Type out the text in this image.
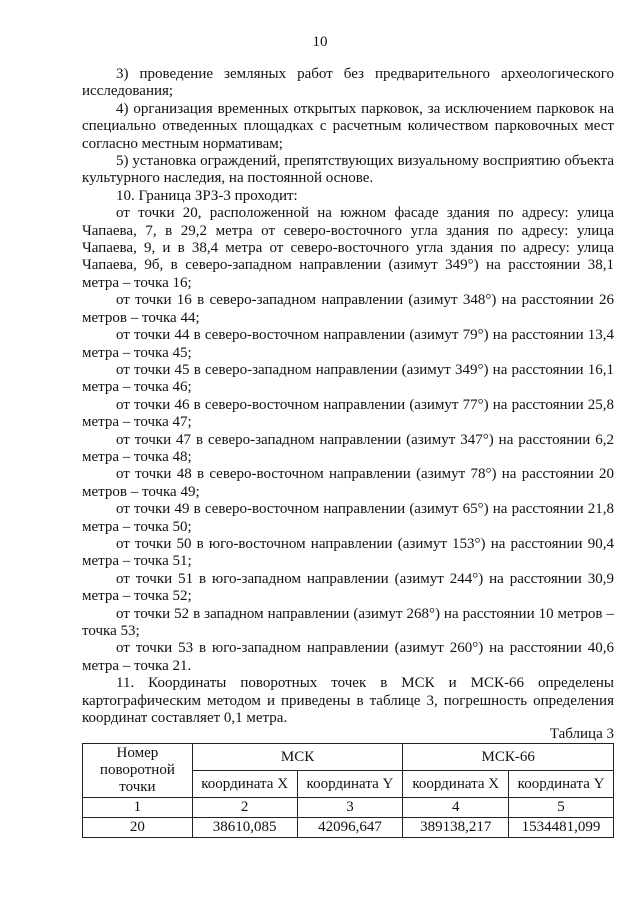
10

3) проведение земляных работ без предварительного археологического исследования;

4) организация временных открытых парковок, за исключением парковок на специально отведенных площадках с расчетным количеством парковочных мест согласно местным нормативам;

5) установка ограждений, препятствующих визуальному восприятию объекта культурного наследия, на постоянной основе.

10. Граница ЗРЗ-3 проходит:

от точки 20, расположенной на южном фасаде здания по адресу: улица Чапаева, 7, в 29,2 метра от северо-восточного угла здания по адресу: улица Чапаева, 9, и в 38,4 метра от северо-восточного угла здания по адресу: улица Чапаева, 9б, в северо-западном направлении (азимут 349°) на расстоянии 38,1 метра – точка 16;

от точки 16 в северо-западном направлении (азимут 348°) на расстоянии 26 метров – точка 44;

от точки 44 в северо-восточном направлении (азимут 79°) на расстоянии 13,4 метра – точка 45;

от точки 45 в северо-западном направлении (азимут 349°) на расстоянии 16,1 метра – точка 46;

от точки 46 в северо-восточном направлении (азимут 77°) на расстоянии 25,8 метра – точка 47;

от точки 47 в северо-западном направлении (азимут 347°) на расстоянии 6,2 метра – точка 48;

от точки 48 в северо-восточном направлении (азимут 78°) на расстоянии 20 метров – точка 49;

от точки 49 в северо-восточном направлении (азимут 65°) на расстоянии 21,8 метра – точка 50;

от точки 50 в юго-восточном направлении (азимут 153°) на расстоянии 90,4 метра – точка 51;

от точки 51 в юго-западном направлении (азимут 244°) на расстоянии 30,9 метра – точка 52;

от точки 52 в западном направлении (азимут 268°) на расстоянии 10 метров – точка 53;

от точки 53 в юго-западном направлении (азимут 260°) на расстоянии 40,6 метра – точка 21.

11. Координаты поворотных точек в МСК и МСК-66 определены картографическим методом и приведены в таблице 3, погрешность определения координат составляет 0,1 метра.

Таблица 3
Номер поворотной точки	МСК		МСК-66	
	координата X	координата Y	координата X	координата Y
1	2	3	4	5
20	38610,085	42096,647	389138,217	1534481,099
